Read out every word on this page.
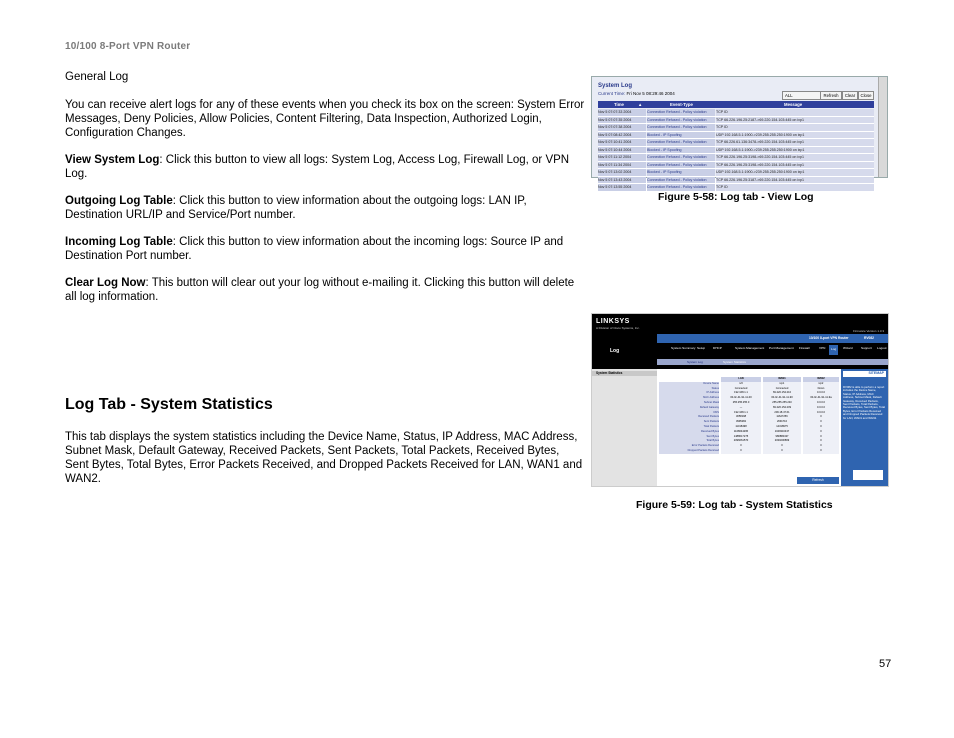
10/100 8-Port VPN Router

General Log

You can receive alert logs for any of these events when you check its box on the screen: System Error Messages, Deny Policies, Allow Policies, Content Filtering, Data Inspection, Authorized Login, Configuration Changes.

View System Log: Click this button to view all logs: System Log, Access Log, Firewall Log, or VPN Log.

Outgoing Log Table: Click this button to view information about the outgoing logs: LAN IP, Destination URL/IP and Service/Port number.

Incoming Log Table: Click this button to view information about the incoming logs: Source IP and Destination Port number.

Clear Log Now: This button will clear out your log without e-mailing it. Clicking this button will delete all log information.

Log Tab - System Statistics
This tab displays the system statistics including the Device Name, Status, IP Address, MAC Address, Subnet Mask, Default Gateway, Received Packets, Sent Packets, Total Packets, Received Bytes, Sent Bytes, Total Bytes, Error Packets Received, and Dropped Packets Received for LAN, WAN1 and WAN2.
System Log
Current Time: Fri Nov 5 08:29:46 2004	ALL	Refresh	Clear	Close
Time	▲	Event-Type	Message
Nov 5 07:07:33 2004	Connection Refused - Policy violation	TCP ID
Nov 5 07:07:35 2004	Connection Refused - Policy violation	TCP 66.226.196.25:2187->69.220.154.103:445 on ixp1
Nov 5 07:07:38 2004	Connection Refused - Policy violation	TCP ID
Nov 5 07:08:42 2004	Blocked - IP Spoofing	UDP 192.168.5.1:1900->239.255.255.250:1900 on ixp1
Nov 5 07:10:41 2004	Connection Refused - Policy violation	TCP 66.226.61.136:3478->69.220.154.103:445 on ixp1
Nov 5 07:10:44 2004	Blocked - IP Spoofing	UDP 192.168.5.1:1900->239.255.255.250:1900 on ixp1
Nov 5 07:11:12 2004	Connection Refused - Policy violation	TCP 66.226.196.25:3198->69.220.154.103:445 on ixp1
Nov 5 07:11:34 2004	Connection Refused - Policy violation	TCP 66.226.196.25:3198->69.220.154.103:445 on ixp1
Nov 5 07:13:02 2004	Blocked - IP Spoofing	UDP 192.168.5.1:1900->239.255.255.250:1900 on ixp1
Nov 5 07:13:43 2004	Connection Refused - Policy violation	TCP 66.226.196.25:3187->69.220.154.103:445 on ixp1
Nov 5 07:13:55 2004	Connection Refused - Policy violation	TCP ID
Figure 5-58: Log tab - View Log
LINKSYS
A Division of Cisco Systems, Inc.
Firmware Version 1.3.3
Log
10/100 8-port VPN Router	RV082
System Summary Setup	DHCP	System Management Port Management Firewall	VPN	Log	Wizard	Support Logout
System Log	System Statistics
System Statistics
LAN	WAN1	WAN2
Device Name	rv0	ixp1	ixp2
Status	Connected	Connected	Down
IP Address	192.168.1.1	69.220.154.210	0.0.0.0
MAC Address	00-0c-41-91-11-00	00-0c-41-91-11-90	00-0c-41-91-11-9a
Subnet Mask	255.255.255.0	255.255.255.240	0.0.0.0
Default Gateway	---	69.220.154.209	0.0.0.0
DNS	192.168.1.1	209.18.47.61	0.0.0.0
Received Packets	3058198	11627256	0
Sent Packets	3995282	2691710	0
Total Packets	11018498	14318975	0
Received Bytes	1108044295	1049316437	0
Sent Bytes	1488617275	980880437	0
Total Bytes	2096661570	2030200869	0
Error Packets Received	0	0	0
Dropped Packets Received	0	0	0
Refresh
SITEMAP
RV082 is able to perform a report includes the Device Name, Status, IP Address, MAC Address, Subnet Mask, Default Gateway, Received Packets, Sent Packets, Total Packets, Received Bytes, Sent Bytes, Total Bytes, Error Packets Received and Dropped Packets Received for LAN, WAN1 and WAN2.
Figure 5-59: Log tab - System Statistics
57
